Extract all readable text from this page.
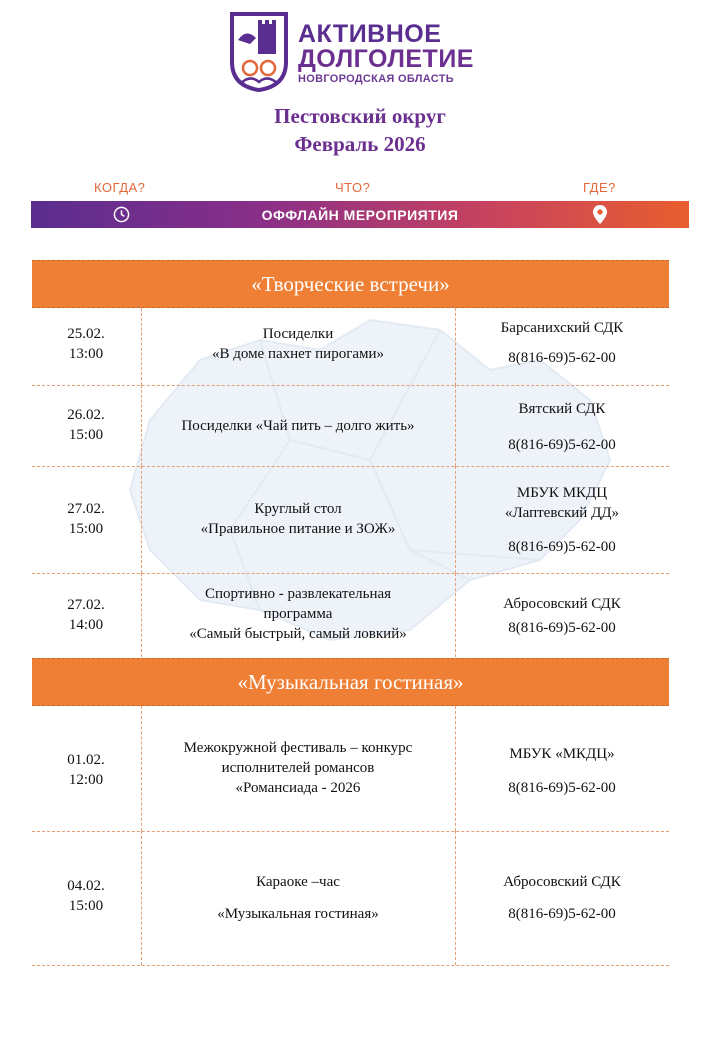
АКТИВНОЕ
ДОЛГОЛЕТИЕ
НОВГОРОДСКАЯ ОБЛАСТЬ
Пестовский округ
Февраль 2026
КОГДА?	ЧТО?	ГДЕ?
ОФФЛАЙН МЕРОПРИЯТИЯ
«Творческие встречи»
25.02.
13:00
Посиделки
«В доме пахнет пирогами»
Барсанихский СДК
8(816-69)5-62-00
26.02.
15:00
Посиделки «Чай пить – долго жить»
Вятский СДК
8(816-69)5-62-00
27.02.
15:00
Круглый стол
«Правильное питание и ЗОЖ»
МБУК МКДЦ
«Лаптевский ДД»
8(816-69)5-62-00
27.02.
14:00
Спортивно - развлекательная
программа
«Самый быстрый, самый ловкий»
Абросовский СДК
8(816-69)5-62-00
«Музыкальная гостиная»
01.02.
12:00
Межокружной фестиваль – конкурс
исполнителей романсов
«Романсиада - 2026
МБУК «МКДЦ»
8(816-69)5-62-00
04.02.
15:00
Караоке –час
«Музыкальная гостиная»
Абросовский СДК
8(816-69)5-62-00
